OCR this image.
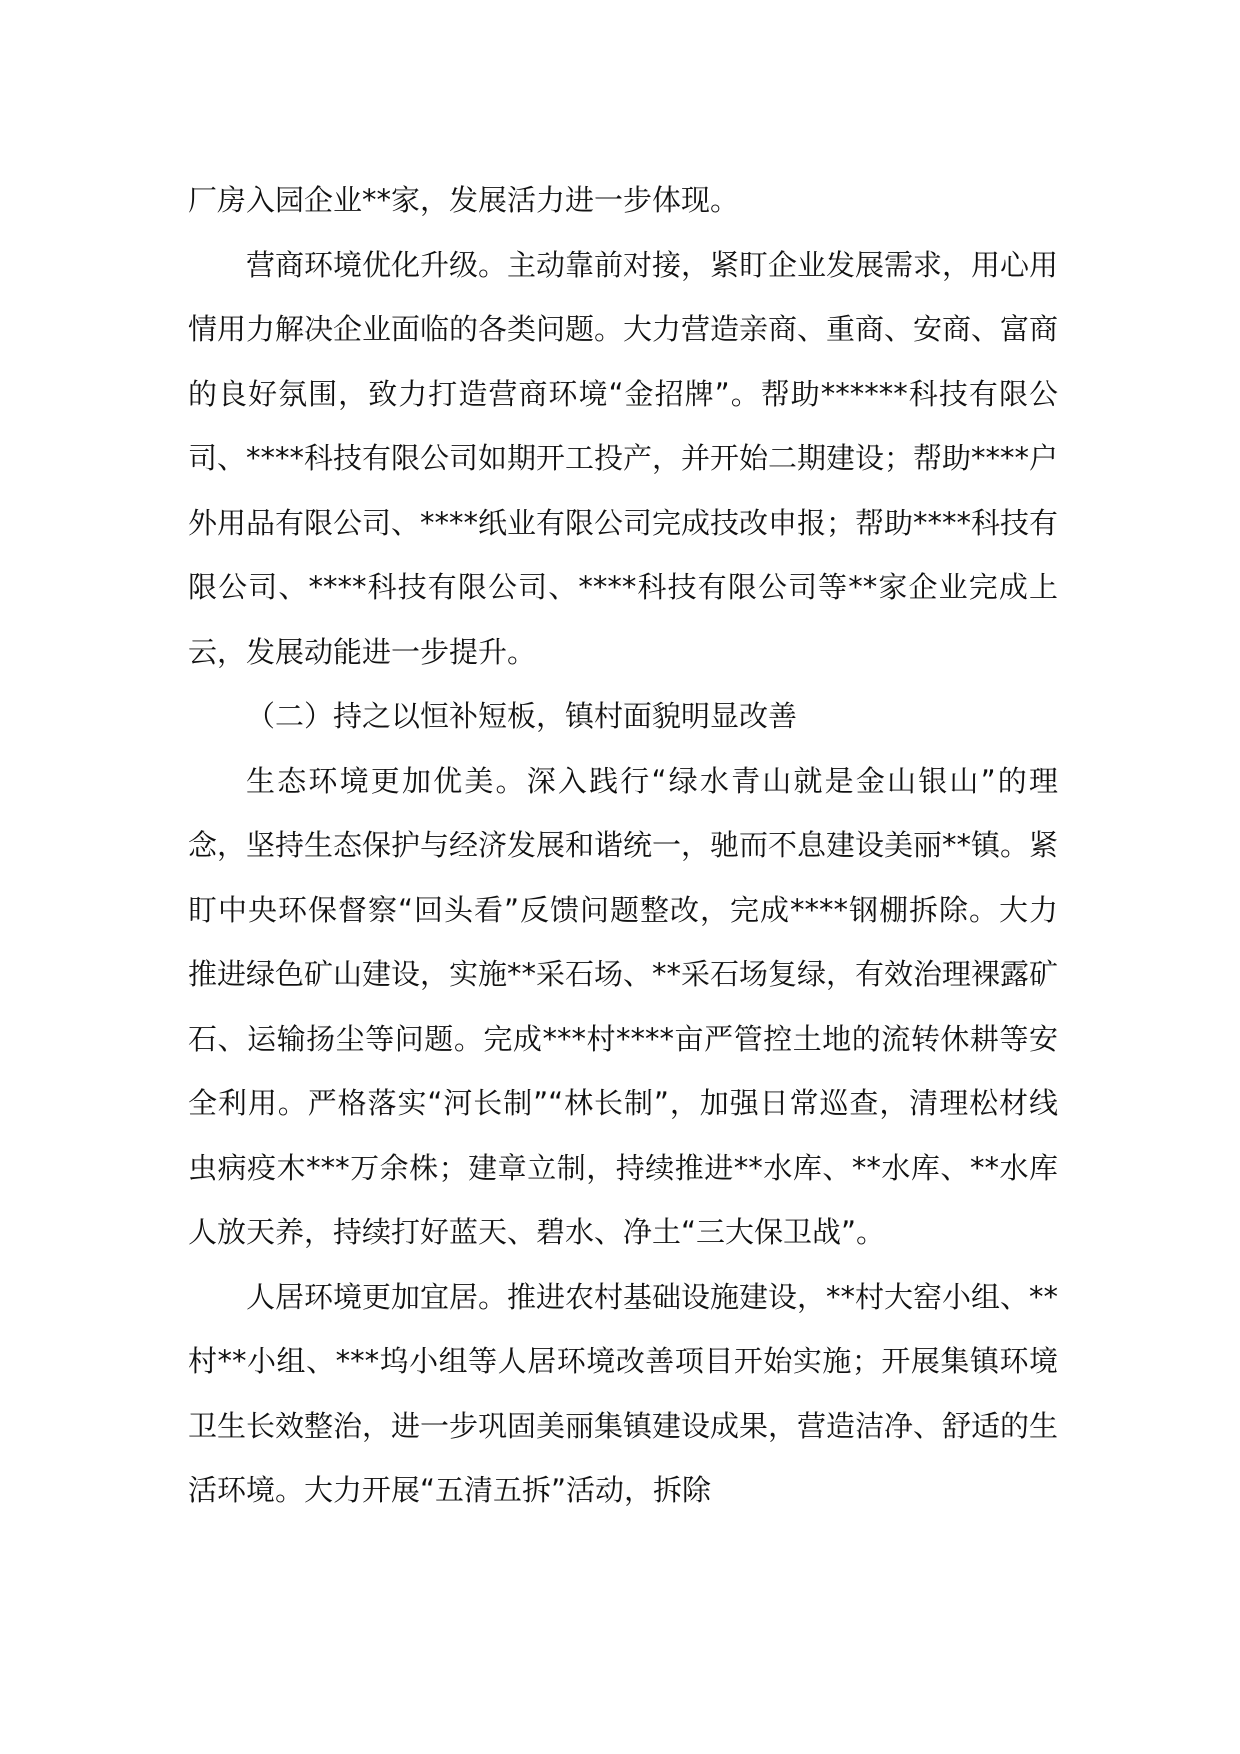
厂房入园企业**家，发展活力进一步体现。

营商环境优化升级。主动靠前对接，紧盯企业发展需求，用心用情用力解决企业面临的各类问题。大力营造亲商、重商、安商、富商的良好氛围，致力打造营商环境“金招牌”。帮助******科技有限公司、****科技有限公司如期开工投产，并开始二期建设；帮助****户外用品有限公司、****纸业有限公司完成技改申报；帮助****科技有限公司、****科技有限公司、****科技有限公司等**家企业完成上云，发展动能进一步提升。

（二）持之以恒补短板，镇村面貌明显改善

生态环境更加优美。深入践行“绿水青山就是金山银山”的理念，坚持生态保护与经济发展和谐统一，驰而不息建设美丽**镇。紧盯中央环保督察“回头看”反馈问题整改，完成****钢棚拆除。大力推进绿色矿山建设，实施**采石场、**采石场复绿，有效治理裸露矿石、运输扬尘等问题。完成***村****亩严管控土地的流转休耕等安全利用。严格落实“河长制”“林长制”，加强日常巡查，清理松材线虫病疫木***万余株；建章立制，持续推进**水库、**水库、**水库人放天养，持续打好蓝天、碧水、净土“三大保卫战”。

人居环境更加宜居。推进农村基础设施建设，**村大窑小组、**村**小组、***坞小组等人居环境改善项目开始实施；开展集镇环境卫生长效整治，进一步巩固美丽集镇建设成果，营造洁净、舒适的生活环境。大力开展“五清五拆”活动，拆除
